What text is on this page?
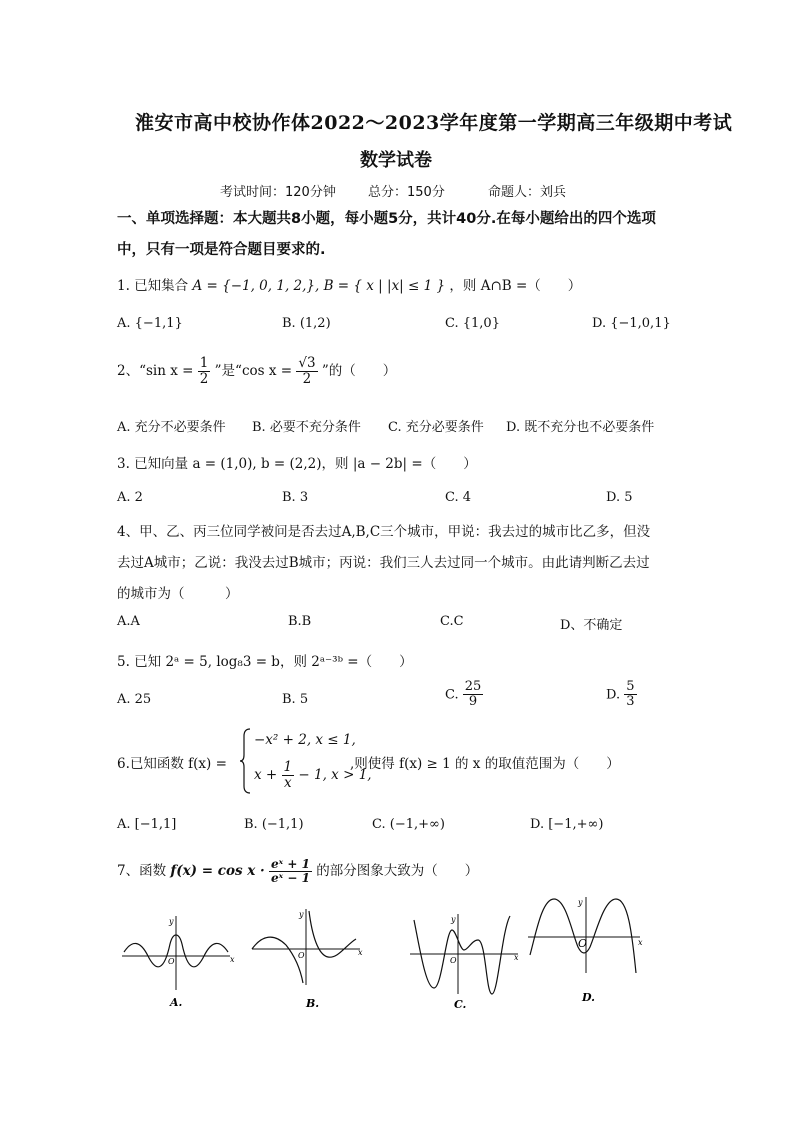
淮安市高中校协作体2022～2023学年度第一学期高三年级期中考试
数学试卷
考试时间：120分钟 总分：150分	命题人：刘兵
一、单项选择题：本大题共8小题，每小题5分，共计40分.在每小题给出的四个选项
中，只有一项是符合题目要求的.
1. 已知集合 A = {−1, 0, 1, 2,}, B = { x | |x| ≤ 1 } ，则 A∩B =（　　）
A. {−1,1}	B. (1,2)	C. {1,0}	D. {−1,0,1}
2、“sin $x = \frac{1}{2}$ ”是“cos $x = \frac{√3}{2}$ ”的（　　）
A. 充分不必要条件 B. 必要不充分条件 C. 充分必要条件 D. 既不充分也不必要条件
3. 已知向量 a = (1,0), b = (2,2)，则 |a − 2b| =（　　）
A. 2	B. 3	C. 4	D. 5
4、甲、乙、丙三位同学被问是否去过A,B,C三个城市，甲说：我去过的城市比乙多，但没
去过A城市；乙说：我没去过B城市；丙说：我们三人去过同一个城市。由此请判断乙去过
的城市为（　　　）
A.A	B.B	C.C	D、不确定
5. 已知 2ᵃ = 5, log₈3 = b，则 2ᵃ⁻³ᵇ =（　　）
A. 25	B. 5	C. $\frac{25}{9}$	D. $\frac{5}{3}$
6.已知函数 f(x) =
−x² + 2, x ≤ 1,
$x + \frac{1}{x} - 1$, x > 1,
,则使得 f(x) ≥ 1 的 x 的取值范围为（　　）
A. [−1,1]	B. (−1,1)	C. (−1,+∞)	D. [−1,+∞)
7、函数 $f(x) = \cos x \cdot \frac{\text{eˣ + 1}}{\text{eˣ − 1}}$ 的部分图象大致为（　　）
y
x
O
A.
y
x
O
B.
y
x
O
C.
y
x
O
D.
